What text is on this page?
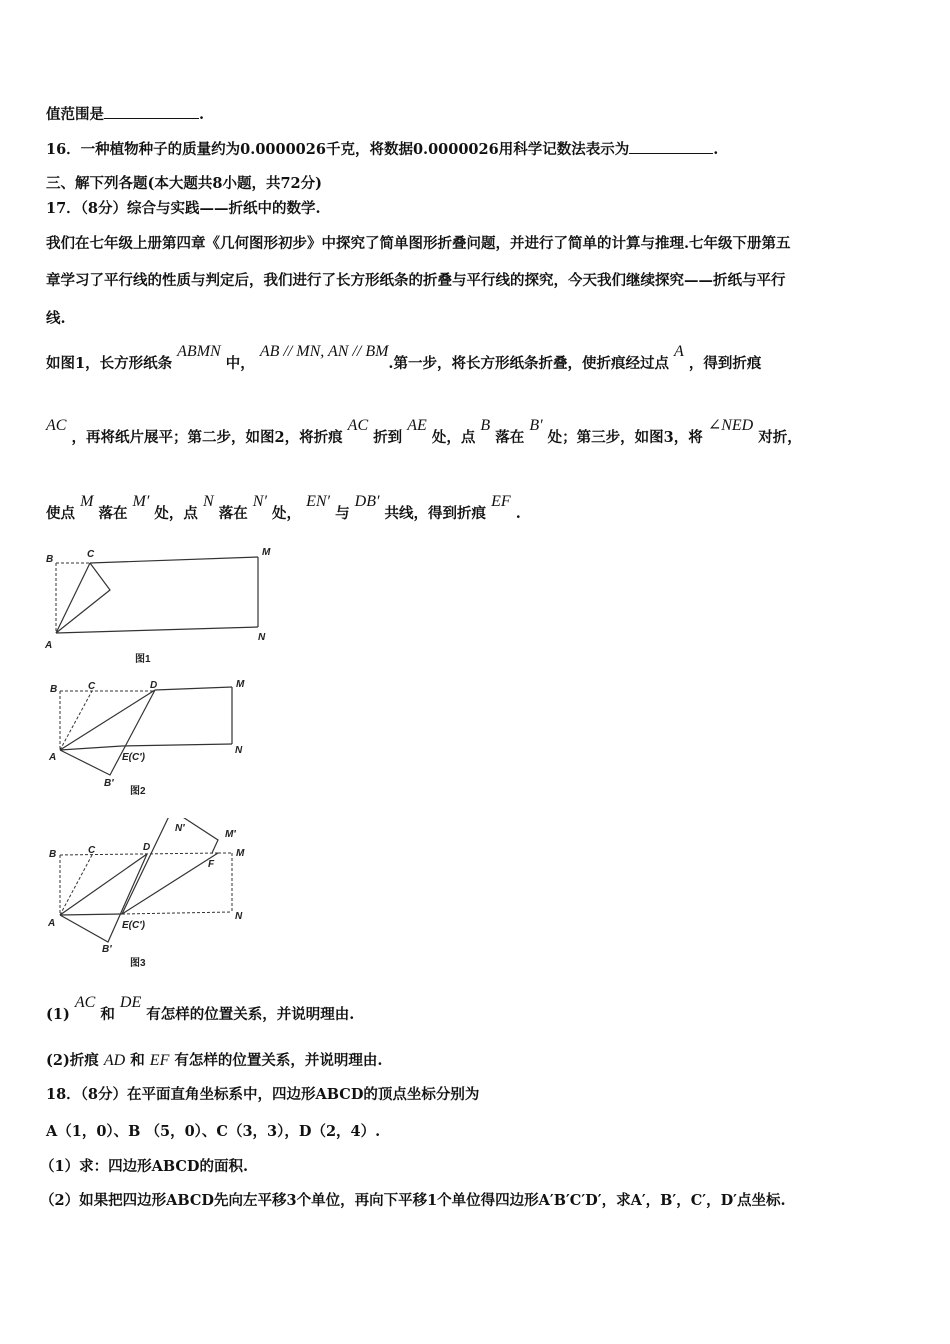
值范围是	.
16．一种植物种子的质量约为0.0000026千克，将数据0.0000026用科学记数法表示为	.
三、解下列各题(本大题共8小题，共72分)
17．（8分）综合与实践——折纸中的数学.
我们在七年级上册第四章《几何图形初步》中探究了简单图形折叠问题，并进行了简单的计算与推理.七年级下册第五
章学习了平行线的性质与判定后，我们进行了长方形纸条的折叠与平行线的探究，今天我们继续探究——折纸与平行
线.
如图1，长方形纸条 ABMN 中， AB // MN, AN // BM.第一步，将长方形纸条折叠，使折痕经过点 A ，得到折痕
AC ，再将纸片展平；第二步，如图2，将折痕 AC 折到 AE 处，点 B 落在 B′ 处；第三步，如图3，将 ∠NED 对折，
使点 M 落在 M′ 处，点 N 落在 N′ 处， EN′ 与 DB′ 共线，得到折痕 EF .
B	C	M
A
N
图1
B	C	D	M
A	E(C′)
N
B′
图2
N′
M′
B	C	D
M
F
A	E(C′)
N
B′
图3
(1) AC 和 DE 有怎样的位置关系，并说明理由.
(2)折痕 AD 和 EF 有怎样的位置关系，并说明理由.
18．（8分）在平面直角坐标系中，四边形ABCD的顶点坐标分别为
A（1，0）、B （5，0）、C（3，3），D（2，4）.
（1）求：四边形ABCD的面积.
（2）如果把四边形ABCD先向左平移3个单位，再向下平移1个单位得四边形A′B′C′D′，求A′，B′，C′，D′点坐标.
